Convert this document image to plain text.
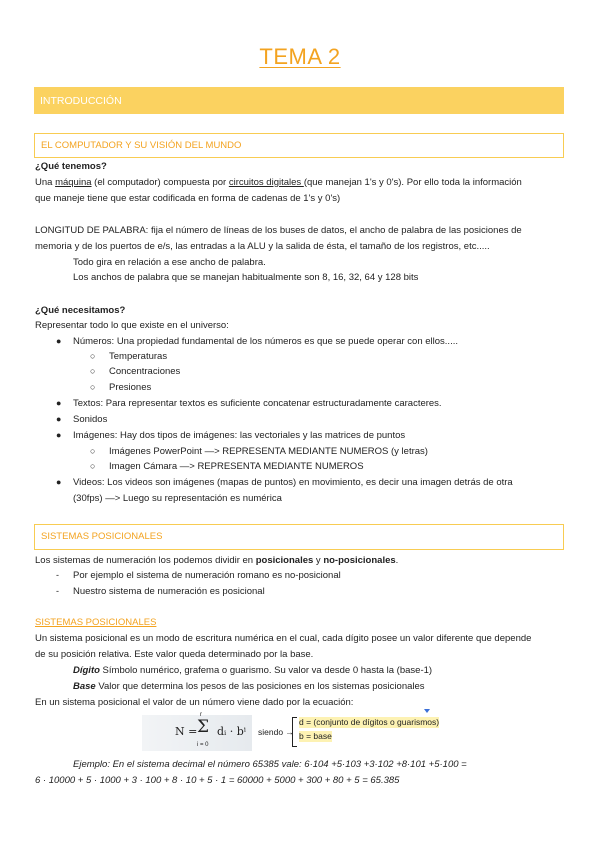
TEMA 2
INTRODUCCIÓN
EL COMPUTADOR Y SU VISIÓN DEL MUNDO
¿Qué tenemos?
Una máquina (el computador) compuesta por circuitos digitales (que manejan 1's y 0's). Por ello toda la información
que maneje tiene que estar codificada en forma de cadenas de 1's y 0's)
LONGITUD DE PALABRA: fija el número de líneas de los buses de datos, el ancho de palabra de las posiciones de
memoria y de los puertos de e/s, las entradas a la ALU y la salida de ésta, el tamaño de los registros, etc.....
Todo gira en relación a ese ancho de palabra.
Los anchos de palabra que se manejan habitualmente son 8, 16, 32, 64 y 128 bits
¿Qué necesitamos?
Representar todo lo que existe en el universo:
● Números: Una propiedad fundamental de los números es que se puede operar con ellos.....
○ Temperaturas
○ Concentraciones
○ Presiones
● Textos: Para representar textos es suficiente concatenar estructuradamente caracteres.
● Sonidos
● Imágenes: Hay dos tipos de imágenes: las vectoriales y las matrices de puntos
○ Imágenes PowerPoint —> REPRESENTA MEDIANTE NUMEROS (y letras)
○ Imagen Cámara —> REPRESENTA MEDIANTE NUMEROS
● Videos: Los videos son imágenes (mapas de puntos) en movimiento, es decir una imagen detrás de otra
(30fps) —> Luego su representación es numérica
SISTEMAS POSICIONALES
Los sistemas de numeración los podemos dividir en posicionales y no-posicionales.
- Por ejemplo el sistema de numeración romano es no-posicional
- Nuestro sistema de numeración es posicional
SISTEMAS POSICIONALES
Un sistema posicional es un modo de escritura numérica en el cual, cada dígito posee un valor diferente que depende
de su posición relativa. Este valor queda determinado por la base.
Dígito Símbolo numérico, grafema o guarismo. Su valor va desde 0 hasta la (base-1)
Base Valor que determina los pesos de las posiciones en los sistemas posicionales
En un sistema posicional el valor de un número viene dado por la ecuación:
N =
r
Σ
i = 0
dᵢ · bⁱ siendo →
d = (conjunto de dígitos o guarismos)
b = base
Ejemplo: En el sistema decimal el número 65385 vale: 6·104 +5·103 +3·102 +8·101 +5·100 =
6 · 10000 + 5 · 1000 + 3 · 100 + 8 · 10 + 5 · 1 = 60000 + 5000 + 300 + 80 + 5 = 65.385
